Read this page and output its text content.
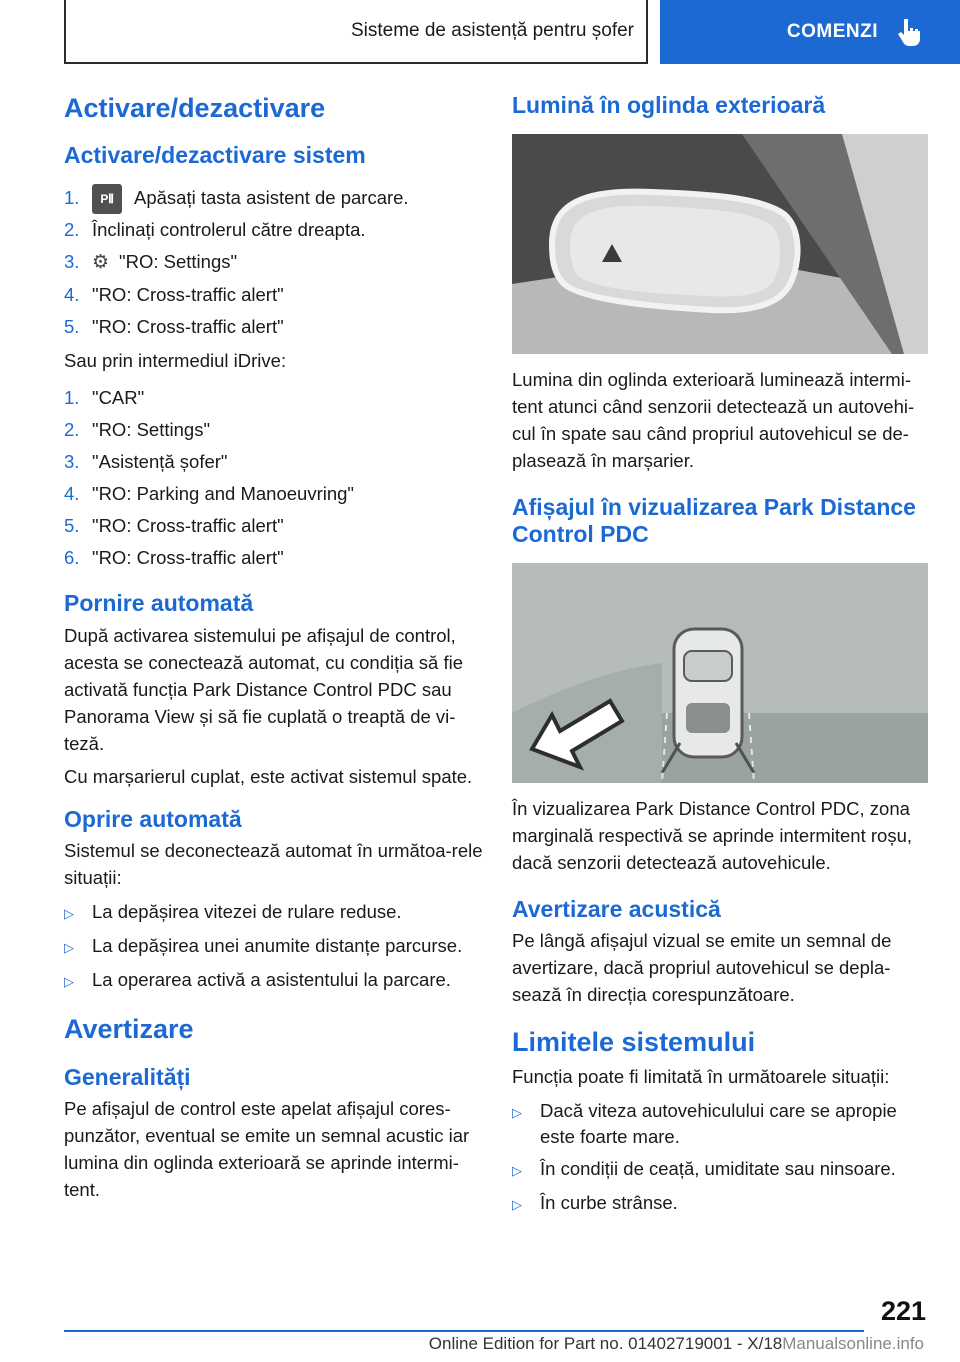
Sisteme de asistență pentru șofer	COMENZI
Activare/dezactivare
Activare/dezactivare sistem
1.	P⦀ Apăsați tasta asistent de parcare.
2. Înclinați controlerul către dreapta.
3. ⚙ "RO: Settings"
4. "RO: Cross-traffic alert"
5. "RO: Cross-traffic alert"

Sau prin intermediul iDrive:

1. "CAR"
2. "RO: Settings"
3. "Asistență șofer"
4. "RO: Parking and Manoeuvring"
5. "RO: Cross-traffic alert"
6. "RO: Cross-traffic alert"
Pornire automată

După activarea sistemului pe afișajul de control, acesta se conectează automat, cu condiția să fie activată funcția Park Distance Control PDC sau Panorama View și să fie cuplată o treaptă de vi-teză.

Cu marșarierul cuplat, este activat sistemul spate.

Oprire automată

Sistemul se deconectează automat în următoa-rele situații:

▷ La depășirea vitezei de rulare reduse.
▷ La depășirea unei anumite distanțe parcurse.
▷ La operarea activă a asistentului la parcare.
Avertizare
Generalități

Pe afișajul de control este apelat afișajul cores-punzător, eventual se emite un semnal acustic iar lumina din oglinda exterioară se aprinde intermi-tent.

Lumină în oglinda exterioară

Lumina din oglinda exterioară luminează intermi-tent atunci când senzorii detectează un autovehi-cul în spate sau când propriul autovehicul se de-plasează în marșarier.

Afișajul în vizualizarea Park Distance Control PDC

În vizualizarea Park Distance Control PDC, zona marginală respectivă se aprinde intermitent roșu, dacă senzorii detectează autovehicule.

Avertizare acustică

Pe lângă afișajul vizual se emite un semnal de avertizare, dacă propriul autovehicul se depla-sează în direcția corespunzătoare.

Limitele sistemului

Funcția poate fi limitată în următoarele situații:

▷ Dacă viteza autovehiculului care se apropie este foarte mare.
▷ În condiții de ceață, umiditate sau ninsoare.
▷ În curbe strânse.
221
Online Edition for Part no. 01402719001 - X/18Manualsonline.info
